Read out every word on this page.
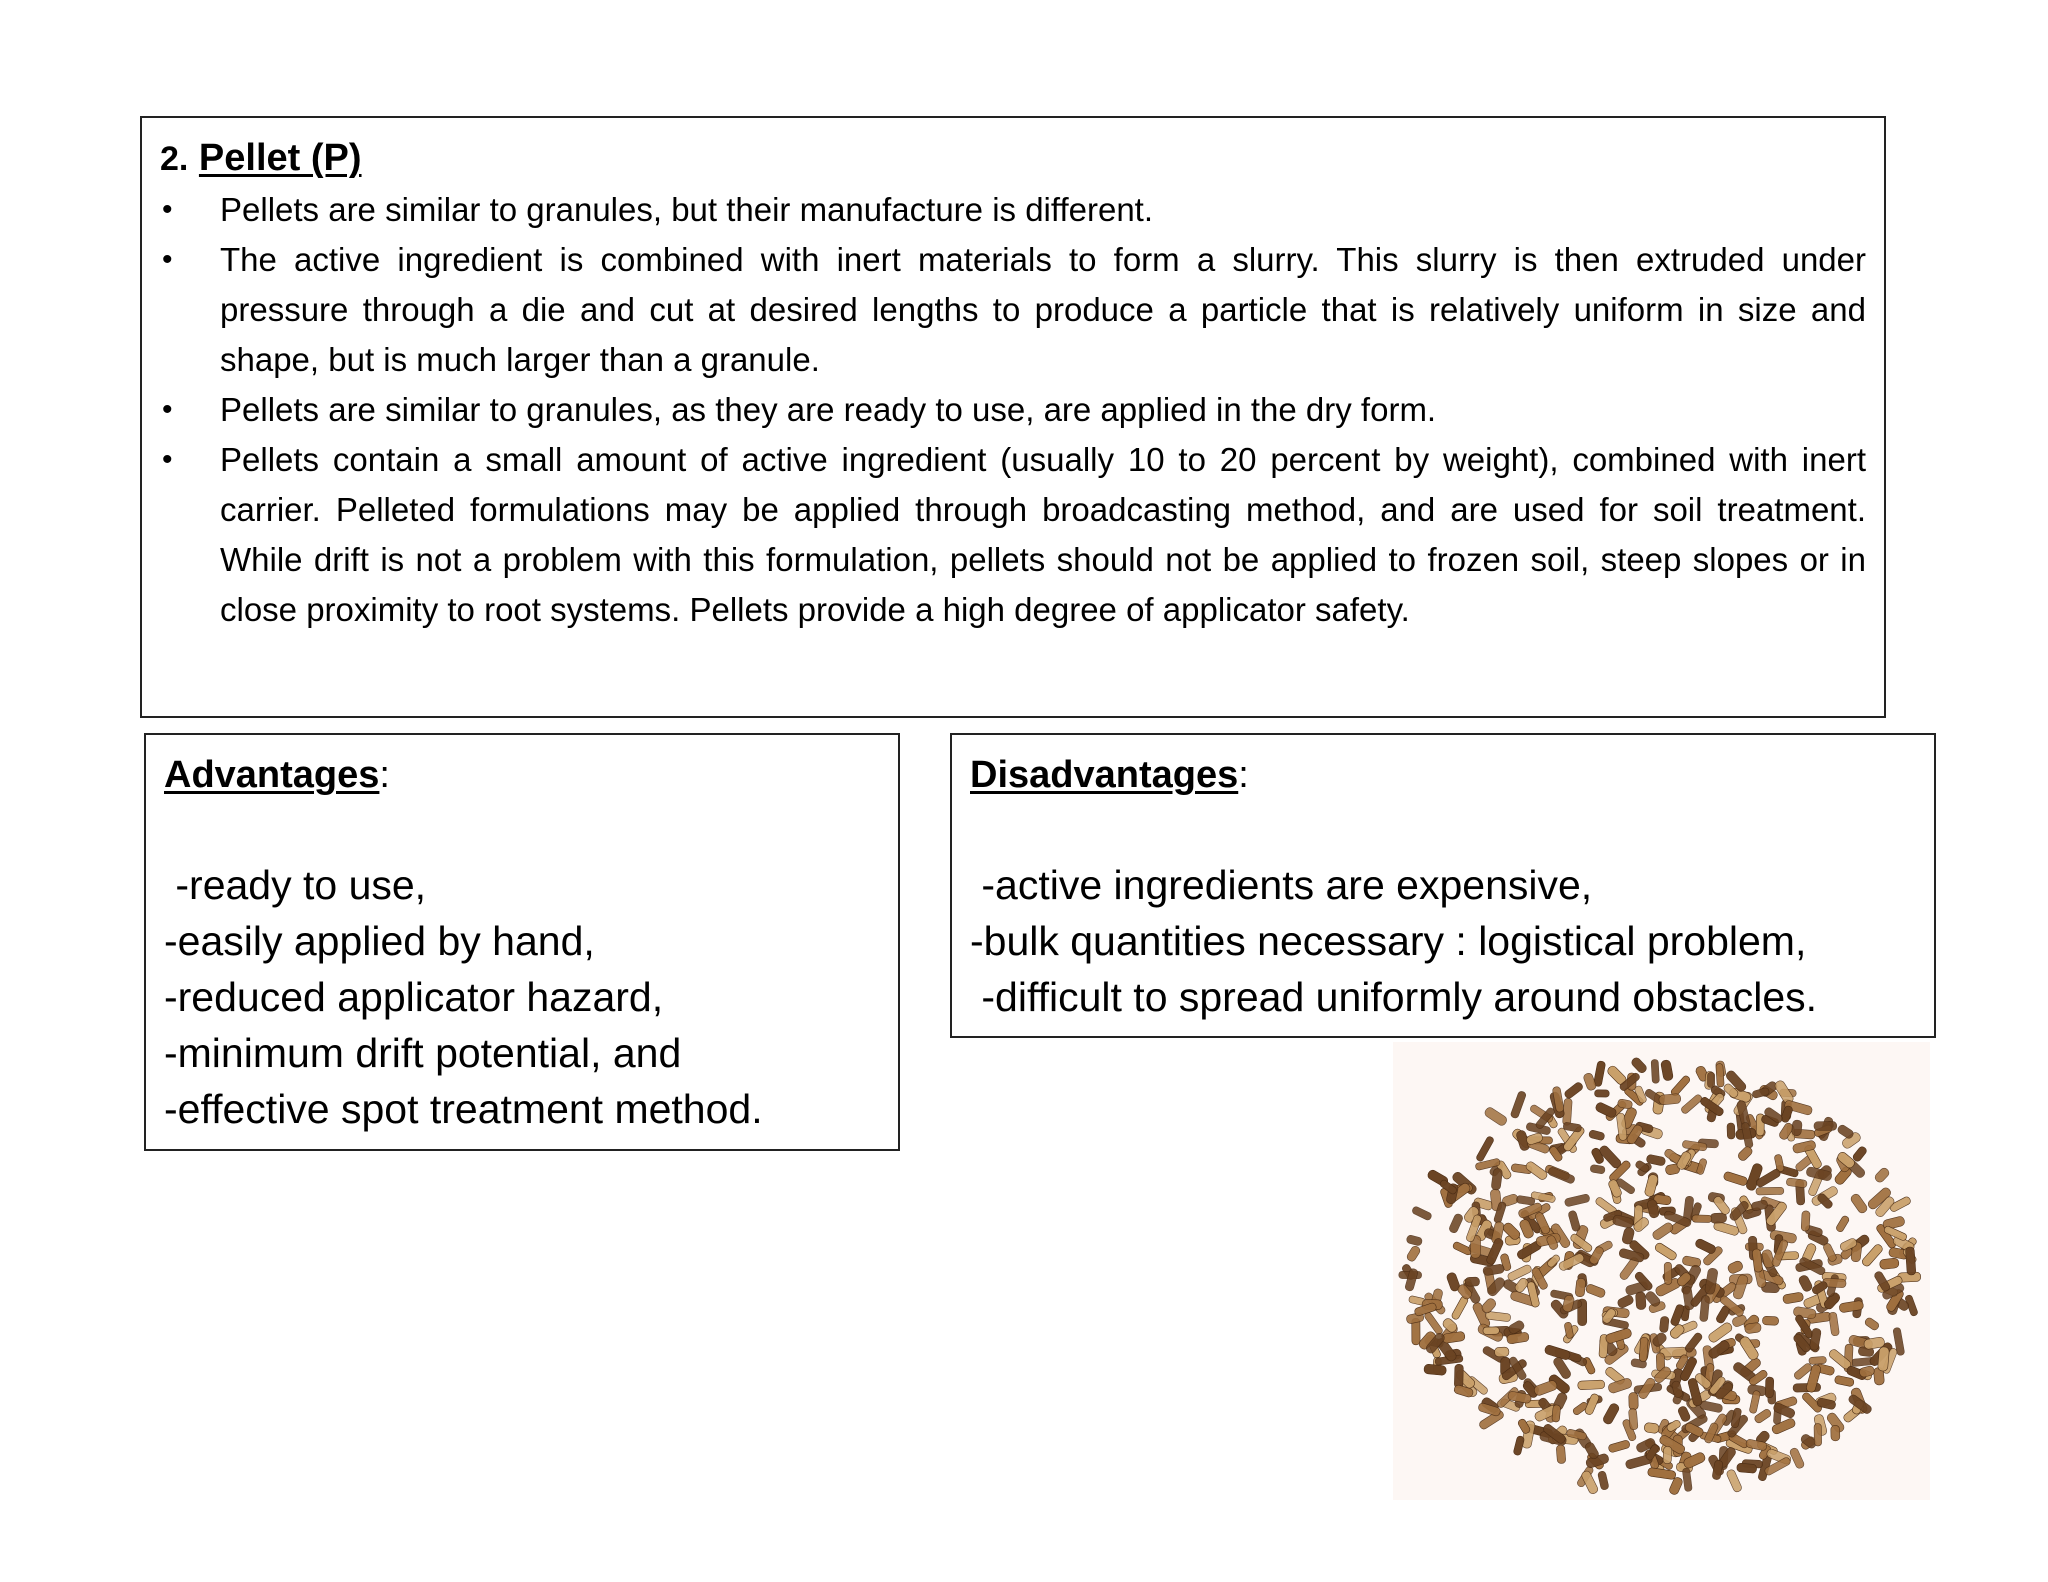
2. Pellet (P)
•	Pellets are similar to granules, but their manufacture is different.
•	The active ingredient is combined with inert materials to form a slurry. This slurry is then extruded under pressure through a die and cut at desired lengths to produce a particle that is relatively uniform in size and shape, but is much larger than a granule.
•	Pellets are similar to granules, as they are ready to use, are applied in the dry form.
•	Pellets contain a small amount of active ingredient (usually 10 to 20 percent by weight), combined with inert carrier. Pelleted formulations may be applied through broadcasting method, and are used for soil treatment. While drift is not a problem with this formulation, pellets should not be applied to frozen soil, steep slopes or in close proximity to root systems. Pellets provide a high degree of applicator safety.
Advantages:
-ready to use,
-easily applied by hand,
-reduced applicator hazard,
-minimum drift potential, and
-effective spot treatment method.
Disadvantages:
-active ingredients are expensive,
-bulk quantities necessary : logistical problem,
-difficult to spread uniformly around obstacles.
